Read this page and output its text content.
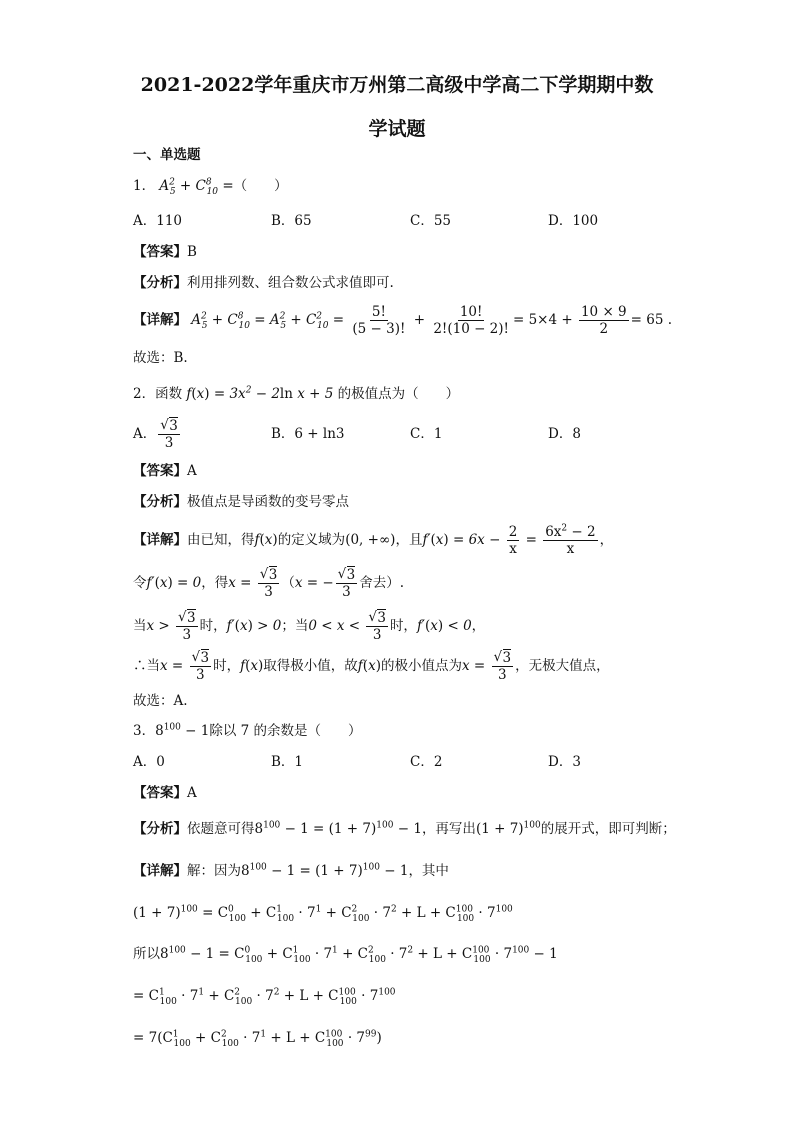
2021-2022学年重庆市万州第二高级中学高二下学期期中数
学试题
一、单选题
1． $A^2_5 + C^8_{10}$ =（　　）
A．110	B．65	C．55	D．100
【答案】B
【分析】利用排列数、组合数公式求值即可.
【详解】 $A^2_5 + C^8_{10} = A^2_5 + C^2_{10} = \frac{5!}{(5 - 3)!} + \frac{10!}{2!(10 - 2)!} = 5\times 4 + \frac{10 \times 9}{2} = 65$ .
故选：B.
2．函数 $f(x) = 3x^2 - 2\ln$ x + 5 的极值点为（　　）
A． $\frac{√ 3}{3}$	B．6 + ln3	C．1	D．8
【答案】A
【分析】极值点是导函数的变号零点
【详解】由已知，得f(x)的定义域为(0, +∞)，且$f'(x) = 6x - \frac{2}{x} = \frac{6x^2 - 2}{x}$ ，
令f′(x) = 0，得$x = \frac{√ 3}{3} (x$ = − $\frac{√ 3}{3}$ 舍去）.
当$x > \frac{√ 3}{3}$ 时，f′(x) > 0；当$0 < x < \frac{√ 3}{3}$ 时，f′(x) < 0，
∴当$x = \frac{√ 3}{3}$ 时，f(x)取得极小值，故f(x)的极小值点为$x = \frac{√ 3}{3}$ ，无极大值点，
故选：A.
3．$8^{100} - 1$除以 7 的余数是（　　）
A．0	B．1	C．2	D．3
【答案】A
【分析】依题意可得$8^{100} - 1 = (1 + 7)^{100} - 1$，再写出$(1 + 7)^{100}$的展开式，即可判断；
【详解】解：因为$8^{100} - 1 = (1 + 7)^{100} - 1$，其中
$(1 + 7)^{100} = C^0_{100} + C^1_{100} \cdot 7^1 + C^2_{100} \cdot 7^2 + L + C^{100}_{100} \cdot 7^{100}$
所以$8^{100} - 1 = C^0_{100} + C^1_{100} \cdot 7^1 + C^2_{100} \cdot 7^2 + L + C^{100}_{100} \cdot 7^{100} - 1$
= $C^1_{100} \cdot 7^1 + C^2_{100} \cdot 7^2 + L + C^{100}_{100} \cdot 7^{100}$
= $7(C^1_{100} + C^2_{100} \cdot 7^1 + L + C^{100}_{100} \cdot 7^{99})$
